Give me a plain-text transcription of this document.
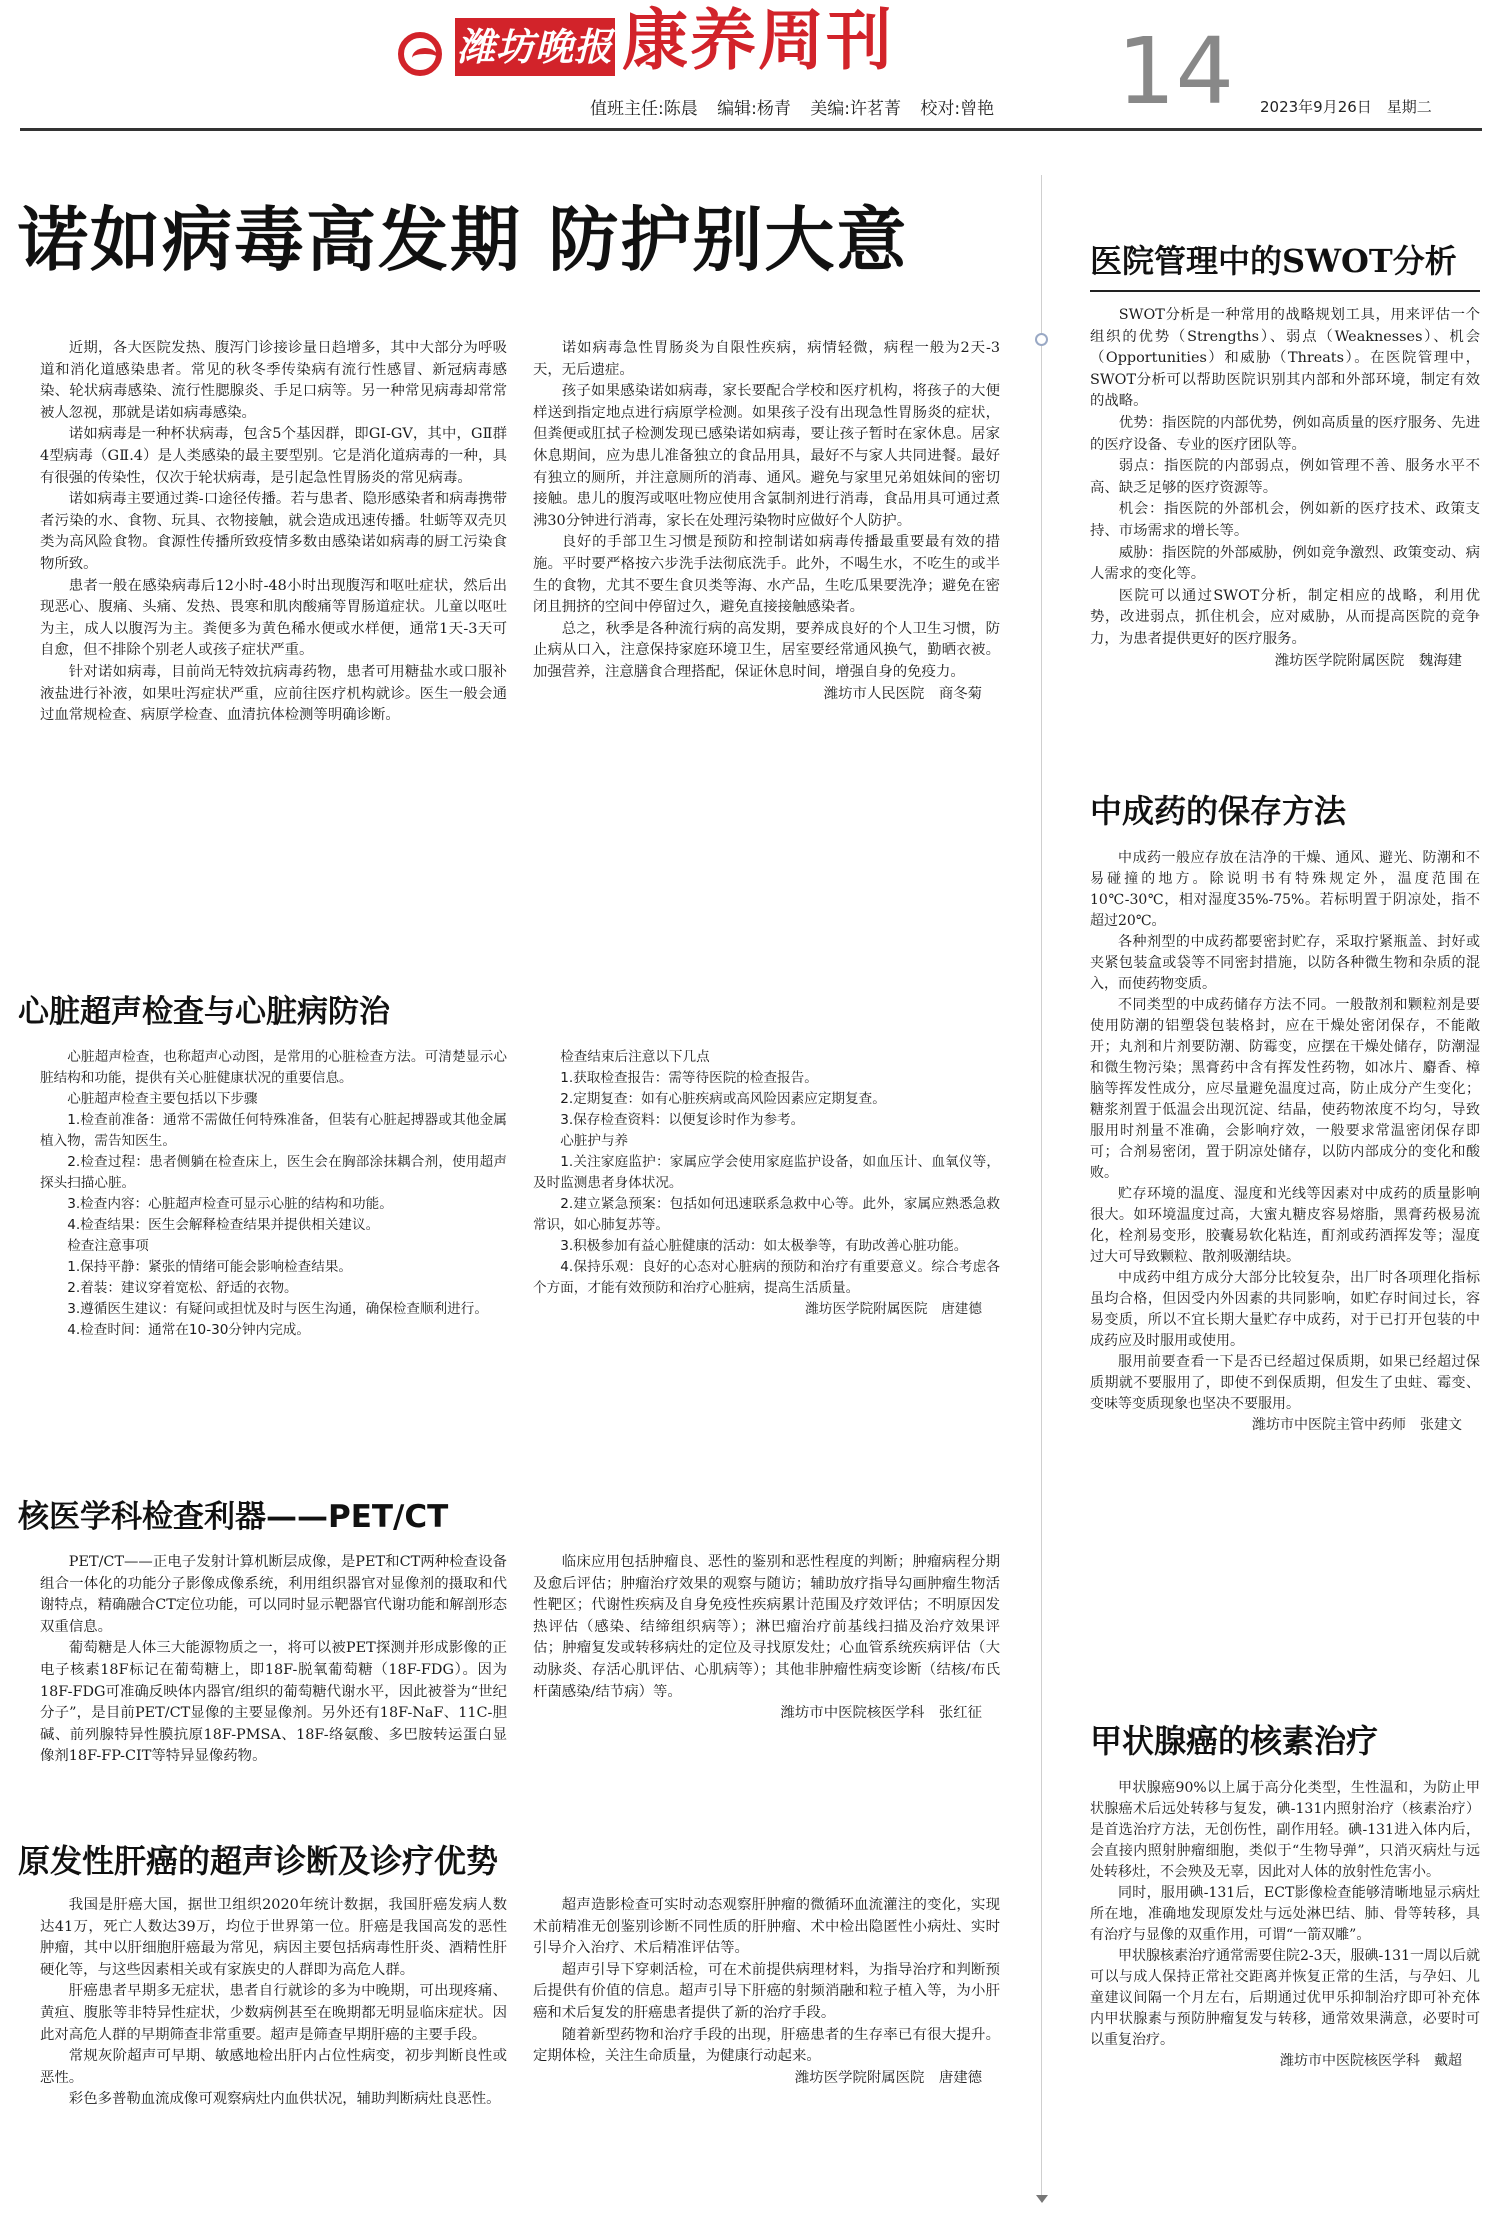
潍坊晚报 康养周刊
值班主任:陈晨 编辑:杨青 美编:许茗菁 校对:曾艳 14 2023年9月26日　星期二
诺如病毒高发期 防护别大意

近期，各大医院发热、腹泻门诊接诊量日趋增多，其中大部分为呼吸道和消化道感染患者。常见的秋冬季传染病有流行性感冒、新冠病毒感染、轮状病毒感染、流行性腮腺炎、手足口病等。另一种常见病毒却常常被人忽视，那就是诺如病毒感染。

诺如病毒是一种杯状病毒，包含5个基因群，即GI-GV，其中，GⅡ群4型病毒（GⅡ.4）是人类感染的最主要型别。它是消化道病毒的一种，具有很强的传染性，仅次于轮状病毒，是引起急性胃肠炎的常见病毒。

诺如病毒主要通过粪-口途径传播。若与患者、隐形感染者和病毒携带者污染的水、食物、玩具、衣物接触，就会造成迅速传播。牡蛎等双壳贝类为高风险食物。食源性传播所致疫情多数由感染诺如病毒的厨工污染食物所致。

患者一般在感染病毒后12小时-48小时出现腹泻和呕吐症状，然后出现恶心、腹痛、头痛、发热、畏寒和肌肉酸痛等胃肠道症状。儿童以呕吐为主，成人以腹泻为主。粪便多为黄色稀水便或水样便，通常1天-3天可自愈，但不排除个别老人或孩子症状严重。

针对诺如病毒，目前尚无特效抗病毒药物，患者可用糖盐水或口服补液盐进行补液，如果吐泻症状严重，应前往医疗机构就诊。医生一般会通过血常规检查、病原学检查、血清抗体检测等明确诊断。

诺如病毒急性胃肠炎为自限性疾病，病情轻微，病程一般为2天-3天，无后遗症。

孩子如果感染诺如病毒，家长要配合学校和医疗机构，将孩子的大便样送到指定地点进行病原学检测。如果孩子没有出现急性胃肠炎的症状，但粪便或肛拭子检测发现已感染诺如病毒，要让孩子暂时在家休息。居家休息期间，应为患儿准备独立的食品用具，最好不与家人共同进餐。最好有独立的厕所，并注意厕所的消毒、通风。避免与家里兄弟姐妹间的密切接触。患儿的腹泻或呕吐物应使用含氯制剂进行消毒，食品用具可通过煮沸30分钟进行消毒，家长在处理污染物时应做好个人防护。

良好的手部卫生习惯是预防和控制诺如病毒传播最重要最有效的措施。平时要严格按六步洗手法彻底洗手。此外，不喝生水，不吃生的或半生的食物，尤其不要生食贝类等海、水产品，生吃瓜果要洗净；避免在密闭且拥挤的空间中停留过久，避免直接接触感染者。

总之，秋季是各种流行病的高发期，要养成良好的个人卫生习惯，防止病从口入，注意保持家庭环境卫生，居室要经常通风换气，勤晒衣被。加强营养，注意膳食合理搭配，保证休息时间，增强自身的免疫力。

潍坊市人民医院　商冬菊

心脏超声检查与心脏病防治

心脏超声检查，也称超声心动图，是常用的心脏检查方法。可清楚显示心脏结构和功能，提供有关心脏健康状况的重要信息。

心脏超声检查主要包括以下步骤

1.检查前准备：通常不需做任何特殊准备，但装有心脏起搏器或其他金属植入物，需告知医生。

2.检查过程：患者侧躺在检查床上，医生会在胸部涂抹耦合剂，使用超声探头扫描心脏。

3.检查内容：心脏超声检查可显示心脏的结构和功能。

4.检查结果：医生会解释检查结果并提供相关建议。

检查注意事项

1.保持平静：紧张的情绪可能会影响检查结果。

2.着装：建议穿着宽松、舒适的衣物。

3.遵循医生建议：有疑问或担忧及时与医生沟通，确保检查顺利进行。

4.检查时间：通常在10-30分钟内完成。

检查结束后注意以下几点

1.获取检查报告：需等待医院的检查报告。

2.定期复查：如有心脏疾病或高风险因素应定期复查。

3.保存检查资料：以便复诊时作为参考。

心脏护与养

1.关注家庭监护：家属应学会使用家庭监护设备，如血压计、血氧仪等，及时监测患者身体状况。

2.建立紧急预案：包括如何迅速联系急救中心等。此外，家属应熟悉急救常识，如心肺复苏等。

3.积极参加有益心脏健康的活动：如太极拳等，有助改善心脏功能。

4.保持乐观：良好的心态对心脏病的预防和治疗有重要意义。综合考虑各个方面，才能有效预防和治疗心脏病，提高生活质量。

潍坊医学院附属医院　唐建德

核医学科检查利器——PET/CT

PET/CT——正电子发射计算机断层成像，是PET和CT两种检查设备组合一体化的功能分子影像成像系统，利用组织器官对显像剂的摄取和代谢特点，精确融合CT定位功能，可以同时显示靶器官代谢功能和解剖形态双重信息。

葡萄糖是人体三大能源物质之一，将可以被PET探测并形成影像的正电子核素18F标记在葡萄糖上，即18F-脱氧葡萄糖（18F-FDG）。因为18F-FDG可准确反映体内器官/组织的葡萄糖代谢水平，因此被誉为“世纪分子”，是目前PET/CT显像的主要显像剂。另外还有18F-NaF、11C-胆碱、前列腺特异性膜抗原18F-PMSA、18F-络氨酸、多巴胺转运蛋白显像剂18F-FP-CIT等特异显像药物。

临床应用包括肿瘤良、恶性的鉴别和恶性程度的判断；肿瘤病程分期及愈后评估；肿瘤治疗效果的观察与随访；辅助放疗指导勾画肿瘤生物活性靶区；代谢性疾病及自身免疫性疾病累计范围及疗效评估；不明原因发热评估（感染、结缔组织病等）；淋巴瘤治疗前基线扫描及治疗效果评估；肿瘤复发或转移病灶的定位及寻找原发灶；心血管系统疾病评估（大动脉炎、存活心肌评估、心肌病等）；其他非肿瘤性病变诊断（结核/布氏杆菌感染/结节病）等。

潍坊市中医院核医学科　张红征

原发性肝癌的超声诊断及诊疗优势

我国是肝癌大国，据世卫组织2020年统计数据，我国肝癌发病人数达41万，死亡人数达39万，均位于世界第一位。肝癌是我国高发的恶性肿瘤，其中以肝细胞肝癌最为常见，病因主要包括病毒性肝炎、酒精性肝硬化等，与这些因素相关或有家族史的人群即为高危人群。

肝癌患者早期多无症状，患者自行就诊的多为中晚期，可出现疼痛、黄疸、腹胀等非特异性症状，少数病例甚至在晚期都无明显临床症状。因此对高危人群的早期筛查非常重要。超声是筛查早期肝癌的主要手段。

常规灰阶超声可早期、敏感地检出肝内占位性病变，初步判断良性或恶性。

彩色多普勒血流成像可观察病灶内血供状况，辅助判断病灶良恶性。

超声造影检查可实时动态观察肝肿瘤的微循环血流灌注的变化，实现术前精准无创鉴别诊断不同性质的肝肿瘤、术中检出隐匿性小病灶、实时引导介入治疗、术后精准评估等。

超声引导下穿刺活检，可在术前提供病理材料，为指导治疗和判断预后提供有价值的信息。超声引导下肝癌的射频消融和粒子植入等，为小肝癌和术后复发的肝癌患者提供了新的治疗手段。

随着新型药物和治疗手段的出现，肝癌患者的生存率已有很大提升。定期体检，关注生命质量，为健康行动起来。

潍坊医学院附属医院　唐建德

医院管理中的SWOT分析

SWOT分析是一种常用的战略规划工具，用来评估一个组织的优势（Strengths）、弱点（Weaknesses）、机会（Opportunities）和威胁（Threats）。在医院管理中，SWOT分析可以帮助医院识别其内部和外部环境，制定有效的战略。

优势：指医院的内部优势，例如高质量的医疗服务、先进的医疗设备、专业的医疗团队等。

弱点：指医院的内部弱点，例如管理不善、服务水平不高、缺乏足够的医疗资源等。

机会：指医院的外部机会，例如新的医疗技术、政策支持、市场需求的增长等。

威胁：指医院的外部威胁，例如竞争激烈、政策变动、病人需求的变化等。

医院可以通过SWOT分析，制定相应的战略，利用优势，改进弱点，抓住机会，应对威胁，从而提高医院的竞争力，为患者提供更好的医疗服务。

潍坊医学院附属医院　魏海建

中成药的保存方法

中成药一般应存放在洁净的干燥、通风、避光、防潮和不易碰撞的地方。除说明书有特殊规定外，温度范围在10℃-30℃，相对湿度35%-75%。若标明置于阴凉处，指不超过20℃。

各种剂型的中成药都要密封贮存，采取拧紧瓶盖、封好或夹紧包装盒或袋等不同密封措施，以防各种微生物和杂质的混入，而使药物变质。

不同类型的中成药储存方法不同。一般散剂和颗粒剂是要使用防潮的铝塑袋包装格封，应在干燥处密闭保存，不能敞开；丸剂和片剂要防潮、防霉变，应摆在干燥处储存，防潮湿和微生物污染；黑膏药中含有挥发性药物，如冰片、麝香、樟脑等挥发性成分，应尽量避免温度过高，防止成分产生变化；糖浆剂置于低温会出现沉淀、结晶，使药物浓度不均匀，导致服用时剂量不准确，会影响疗效，一般要求常温密闭保存即可；合剂易密闭，置于阴凉处储存，以防内部成分的变化和酸败。

贮存环境的温度、湿度和光线等因素对中成药的质量影响很大。如环境温度过高，大蜜丸糖皮容易熔脂，黑膏药极易流化，栓剂易变形，胶囊易软化粘连，酊剂或药酒挥发等；湿度过大可导致颗粒、散剂吸潮结块。

中成药中组方成分大部分比较复杂，出厂时各项理化指标虽均合格，但因受内外因素的共同影响，如贮存时间过长，容易变质，所以不宜长期大量贮存中成药，对于已打开包装的中成药应及时服用或使用。

服用前要查看一下是否已经超过保质期，如果已经超过保质期就不要服用了，即使不到保质期，但发生了虫蛀、霉变、变味等变质现象也坚决不要服用。

潍坊市中医院主管中药师　张建文

甲状腺癌的核素治疗

甲状腺癌90%以上属于高分化类型，生性温和，为防止甲状腺癌术后远处转移与复发，碘-131内照射治疗（核素治疗）是首选治疗方法，无创伤性，副作用轻。碘-131进入体内后，会直接内照射肿瘤细胞，类似于“生物导弹”，只消灭病灶与远处转移灶，不会殃及无辜，因此对人体的放射性危害小。

同时，服用碘-131后，ECT影像检查能够清晰地显示病灶所在地，准确地发现原发灶与远处淋巴结、肺、骨等转移，具有治疗与显像的双重作用，可谓“一箭双雕”。

甲状腺核素治疗通常需要住院2-3天，服碘-131一周以后就可以与成人保持正常社交距离并恢复正常的生活，与孕妇、儿童建议间隔一个月左右，后期通过优甲乐抑制治疗即可补充体内甲状腺素与预防肿瘤复发与转移，通常效果满意，必要时可以重复治疗。

潍坊市中医院核医学科　戴超
